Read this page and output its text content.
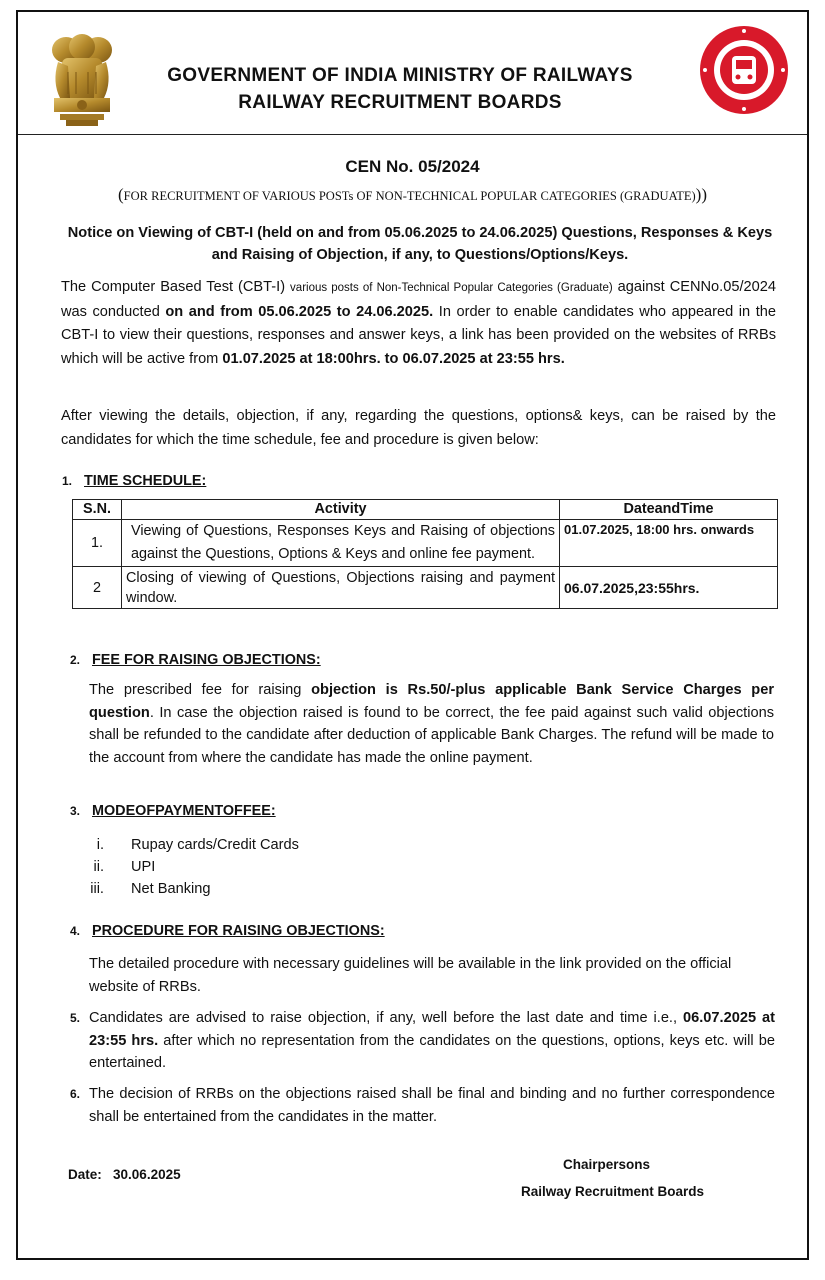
GOVERNMENT OF INDIA MINISTRY OF RAILWAYS
RAILWAY RECRUITMENT BOARDS
CEN No. 05/2024
(FOR RECRUITMENT OF VARIOUS POSTs OF NON-TECHNICAL POPULAR CATEGORIES (GRADUATE)))
Notice on Viewing of CBT-I (held on and from 05.06.2025 to 24.06.2025) Questions, Responses & Keys and Raising of Objection, if any, to Questions/Options/Keys.
The Computer Based Test (CBT-I) various posts of Non-Technical Popular Categories (Graduate) against CENNo.05/2024 was conducted on and from 05.06.2025 to 24.06.2025. In order to enable candidates who appeared in the CBT-I to view their questions, responses and answer keys, a link has been provided on the websites of RRBs which will be active from 01.07.2025 at 18:00hrs. to 06.07.2025 at 23:55 hrs.
After viewing the details, objection, if any, regarding the questions, options& keys, can be raised by the candidates for which the time schedule, fee and procedure is given below:
1. TIME SCHEDULE:
S.N.	Activity	DateandTime
1.	Viewing of Questions, Responses Keys and Raising of objections against the Questions, Options & Keys and online fee payment.	01.07.2025, 18:00 hrs. onwards
2	Closing of viewing of Questions, Objections raising and payment window.	06.07.2025,23:55hrs.
2. FEE FOR RAISING OBJECTIONS:
The prescribed fee for raising objection is Rs.50/-plus applicable Bank Service Charges per question. In case the objection raised is found to be correct, the fee paid against such valid objections shall be refunded to the candidate after deduction of applicable Bank Charges. The refund will be made to the account from where the candidate has made the online payment.
3. MODEOFPAYMENTOFFEE:
i. Rupay cards/Credit Cards
ii. UPI
iii. Net Banking
4. PROCEDURE FOR RAISING OBJECTIONS:
The detailed procedure with necessary guidelines will be available in the link provided on the official website of RRBs.
5. Candidates are advised to raise objection, if any, well before the last date and time i.e., 06.07.2025 at 23:55 hrs. after which no representation from the candidates on the questions, options, keys etc. will be entertained.
6. The decision of RRBs on the objections raised shall be final and binding and no further correspondence shall be entertained from the candidates in the matter.
Date: 30.06.2025
Chairpersons
Railway Recruitment Boards
